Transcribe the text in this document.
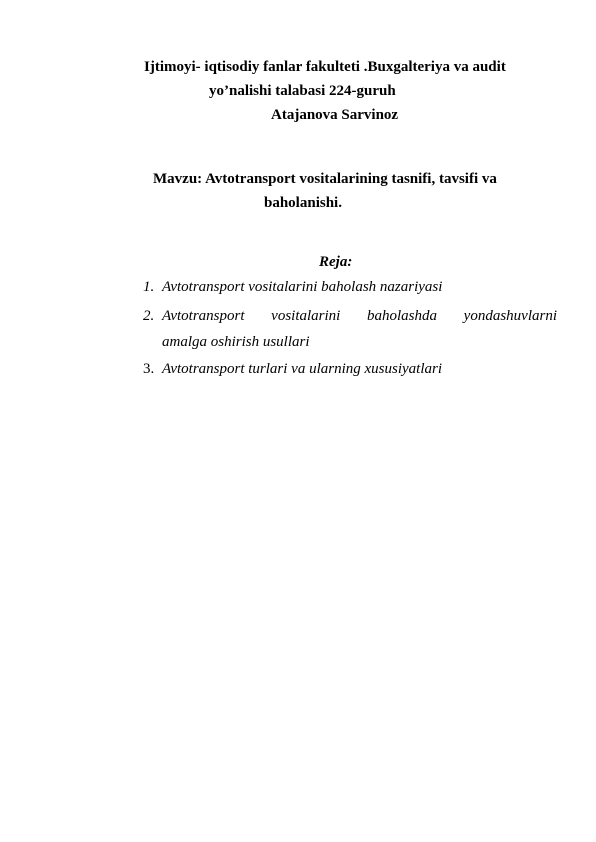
Ijtimoyi- iqtisodiy fanlar fakulteti .Buxgalteriya va audit
yo’nalishi talabasi 224-guruh
Atajanova Sarvinoz
Mavzu: Avtotransport vositalarining tasnifi, tavsifi va
baholanishi.
Reja:
1. Avtotransport vositalarini baholash nazariyasi
2. Avtotransport vositalarini baholashda yondashuvlarni
amalga oshirish usullari
3. Avtotransport turlari va ularning xususiyatlari
